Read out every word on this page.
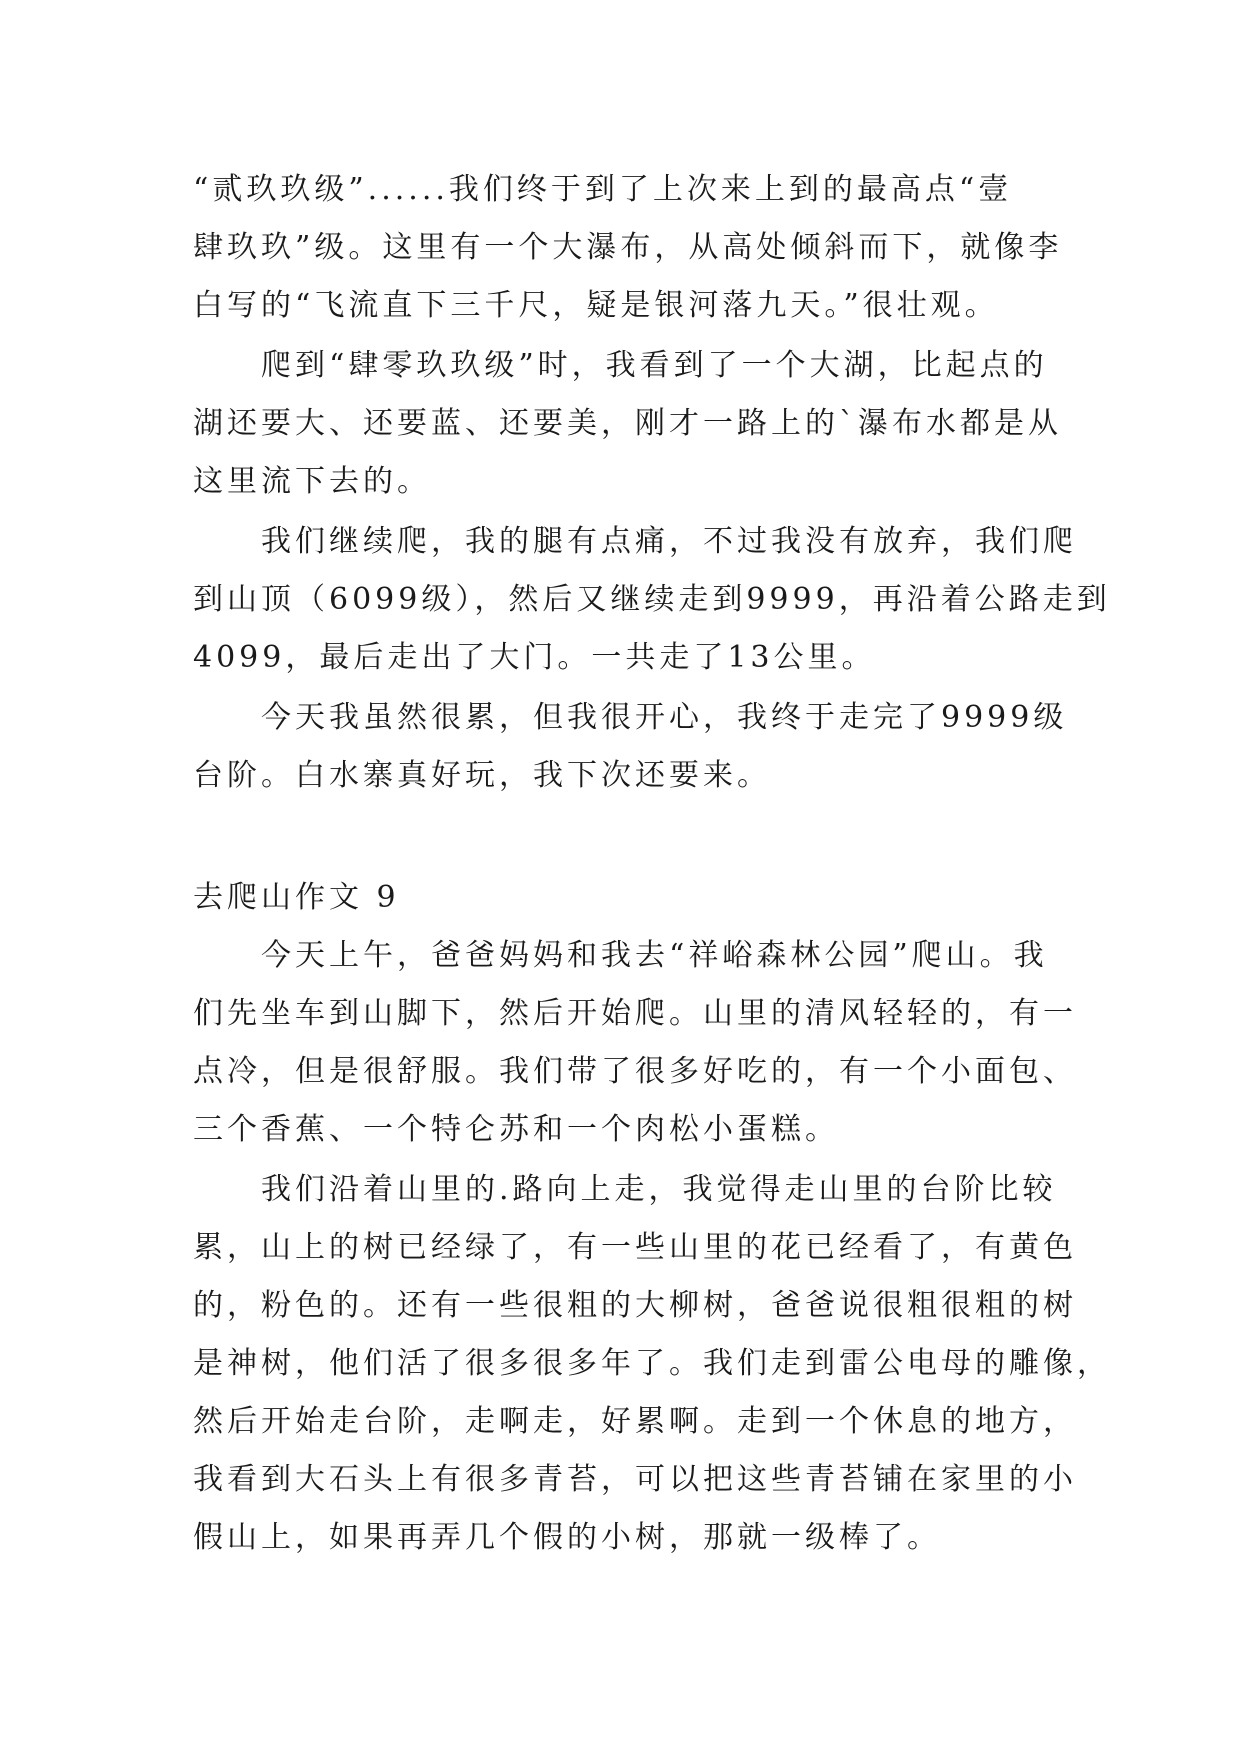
“贰玖玖级”......我们终于到了上次来上到的最高点“壹
肆玖玖”级。这里有一个大瀑布，从高处倾斜而下，就像李
白写的“飞流直下三千尺，疑是银河落九天。”很壮观。
爬到“肆零玖玖级”时，我看到了一个大湖，比起点的
湖还要大、还要蓝、还要美，刚才一路上的`瀑布水都是从
这里流下去的。
我们继续爬，我的腿有点痛，不过我没有放弃，我们爬
到山顶（6099级），然后又继续走到9999，再沿着公路走到
4099，最后走出了大门。一共走了13公里。
今天我虽然很累，但我很开心，我终于走完了9999级
台阶。白水寨真好玩，我下次还要来。
去爬山作文 9
今天上午，爸爸妈妈和我去“祥峪森林公园”爬山。我
们先坐车到山脚下，然后开始爬。山里的清风轻轻的，有一
点冷，但是很舒服。我们带了很多好吃的，有一个小面包、
三个香蕉、一个特仑苏和一个肉松小蛋糕。
我们沿着山里的.路向上走，我觉得走山里的台阶比较
累，山上的树已经绿了，有一些山里的花已经看了，有黄色
的，粉色的。还有一些很粗的大柳树，爸爸说很粗很粗的树
是神树，他们活了很多很多年了。我们走到雷公电母的雕像，
然后开始走台阶，走啊走，好累啊。走到一个休息的地方，
我看到大石头上有很多青苔，可以把这些青苔铺在家里的小
假山上，如果再弄几个假的小树，那就一级棒了。
